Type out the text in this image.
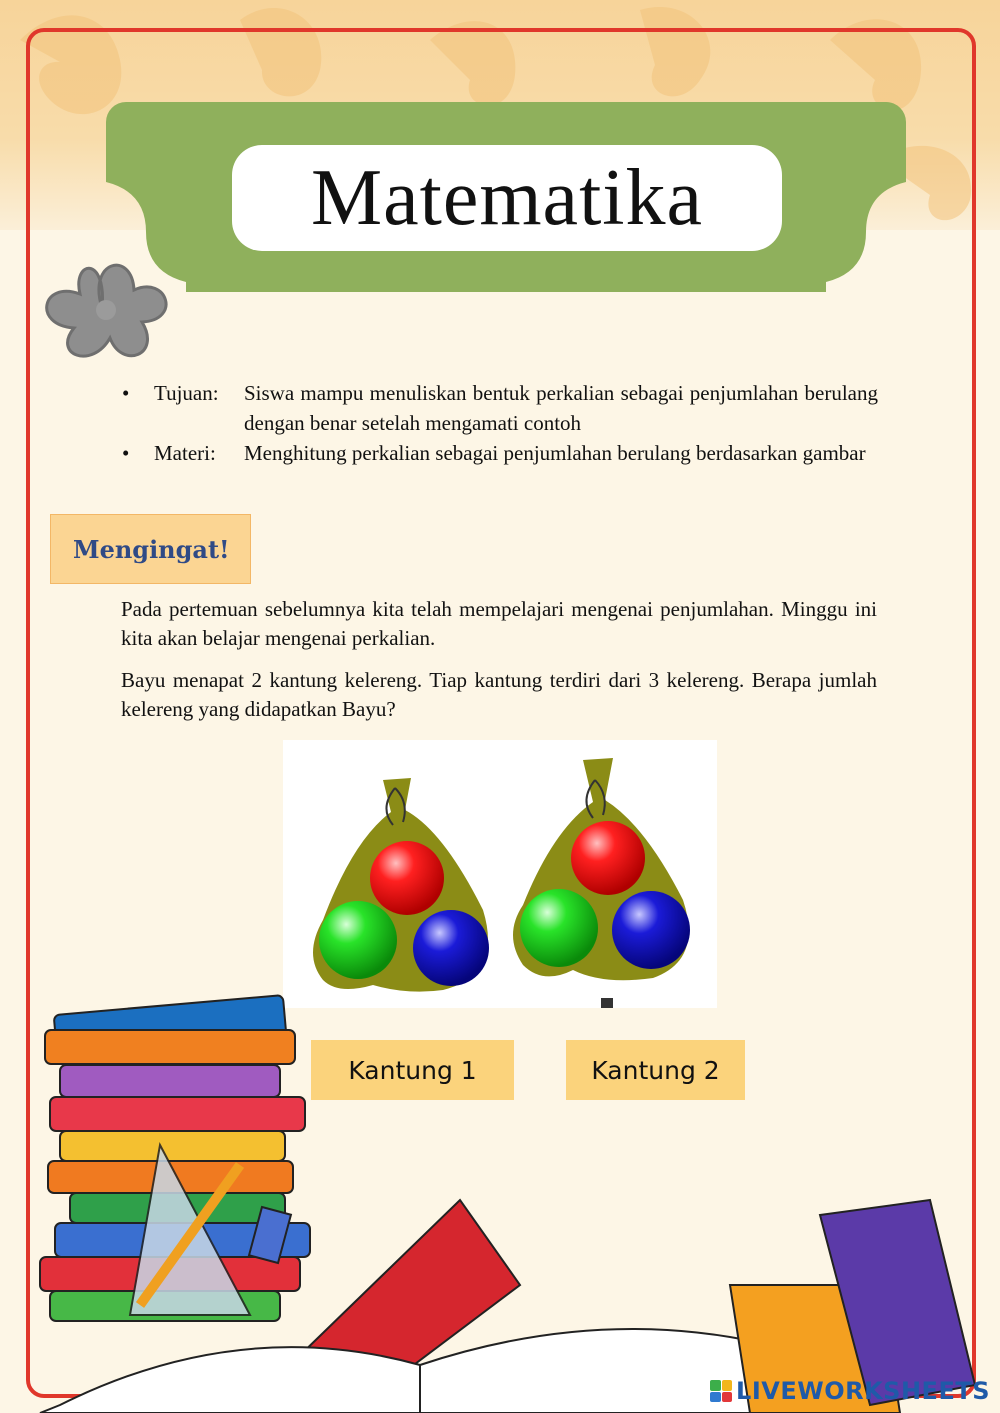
Matematika
•	Tujuan:	Siswa mampu menuliskan bentuk perkalian sebagai penjumlahan berulang dengan benar setelah mengamati contoh
•	Materi:	Menghitung perkalian sebagai penjumlahan berulang berdasarkan gambar
Mengingat!
Pada pertemuan sebelumnya kita telah mempelajari mengenai penjumlahan. Minggu ini kita akan belajar mengenai perkalian.
Bayu menapat 2 kantung kelereng. Tiap kantung terdiri dari 3 kelereng. Berapa jumlah kelereng yang didapatkan Bayu?
Kantung 1	Kantung 2
LIVEWORKSHEETS
